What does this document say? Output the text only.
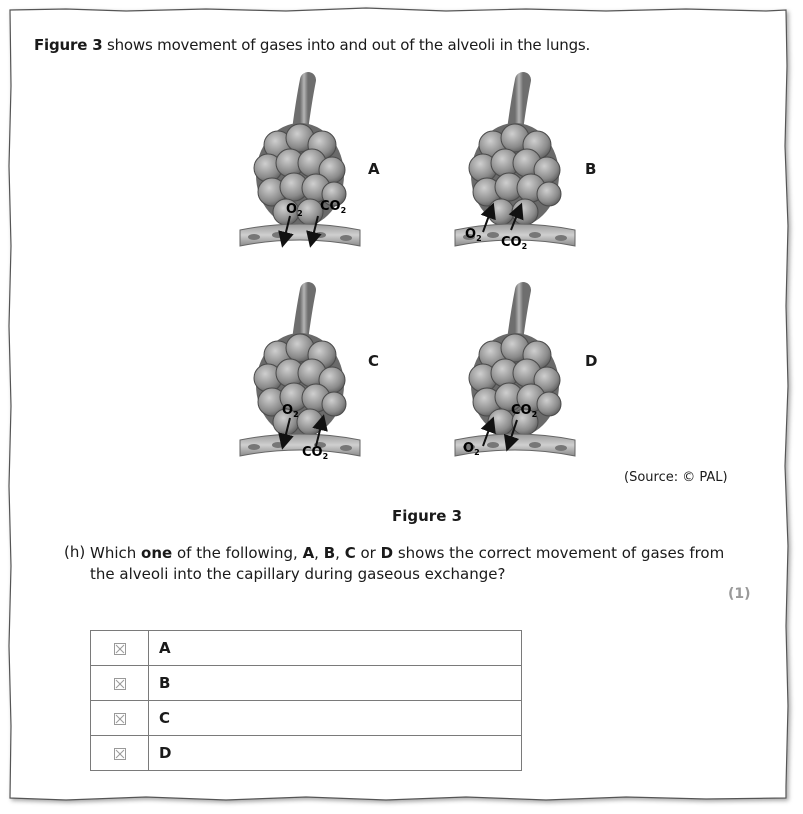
Figure 3 shows movement of gases into and out of the alveoli in the lungs.
$O_2$ $CO_2$
$O_2$ $CO_2$
$O_2$
$CO_2$
$O_2$
$CO_2$
A	B
C	D
(Source: © PAL)
Figure 3
(h) Which one of the following, A, B, C or D shows the correct movement of gases from the alveoli into the capillary during gaseous exchange?
(1)
	A
	B
	C
	D
